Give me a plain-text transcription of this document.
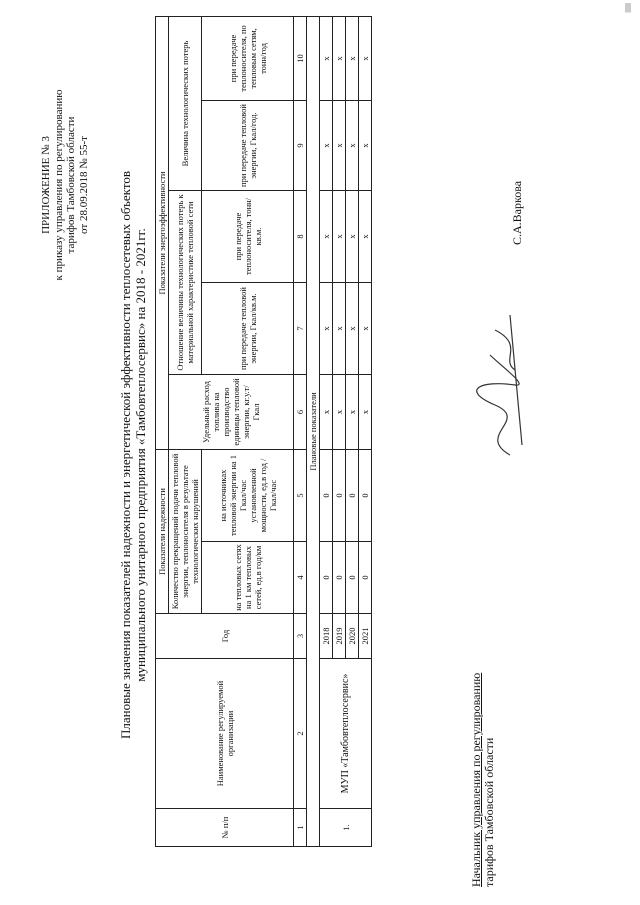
ПРИЛОЖЕНИЕ № 3 к приказу управления по регулированию тарифов Тамбовской области от 28.09.2018 № 55-т Плановые значения показателей надежности и энергетической эффективности теплосетевых объектов муниципального унитарного предприятия «Тамбовтеплосервис» на 2018 - 2021гг.
№ п/п	Наименование регулируемой организации	Год	Показатели надежности		Показатели энергоэффективности				
			Количество прекращений подачи тепловой энергии, теплоносителя в результате технологических нарушений		Удельный расход топлива на производство единицы тепловой энергии, кг.у.т/Гкал	Отношение величины технологических потерь к материальной характеристике тепловой сети		Величина технологических потерь	
			на тепловых сетях на 1 км тепловых сетей, ед.в год/км	на источниках тепловой энергии на 1 Гкал/час установленной мощности, ед.в год /Гкал/час		при передаче тепловой энергии, Гкал/кв.м.	при передаче теплоносителя, тонн/кв.м.	при передаче тепловой энергии, Гкал/год.	при передаче теплоносителя, по тепловым сетям, тонн/год
1	2	3	4	5	6	7	8	9	10
Плановые показатели									
1.	МУП «Тамбовтеплосервис»	2018	0	0	х	х	х	х	х
		2019	0	0	х	х	х	х	х
		2020	0	0	х	х	х	х	х
		2021	0	0	х	х	х	х	х
Начальник управления по регулированию тарифов Тамбовской области
С.А.Варкова
|||
